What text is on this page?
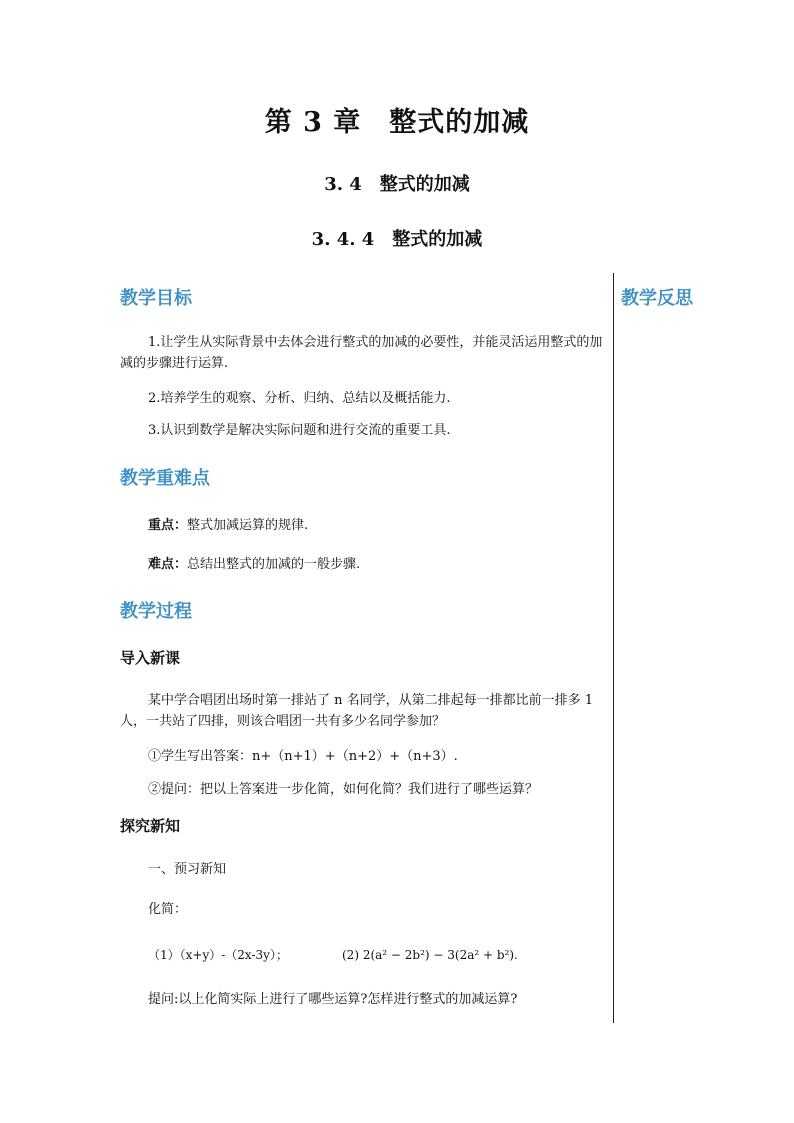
第 3 章　整式的加减
3. 4　整式的加减
3. 4. 4　整式的加减
教学反思
教学目标
1.让学生从实际背景中去体会进行整式的加减的必要性，并能灵活运用整式的加减的步骤进行运算.
2.培养学生的观察、分析、归纳、总结以及概括能力.
3.认识到数学是解决实际问题和进行交流的重要工具.
教学重难点
重点：整式加减运算的规律.
难点：总结出整式的加减的一般步骤.
教学过程
导入新课
某中学合唱团出场时第一排站了 n 名同学，从第二排起每一排都比前一排多 1 人，一共站了四排，则该合唱团一共有多少名同学参加？
①学生写出答案：n+（n+1）+（n+2）+（n+3）.
②提问：把以上答案进一步化简，如何化简？我们进行了哪些运算？
探究新知
一、预习新知
化简：
（1）（x+y）-（2x-3y）；	(2) 2(a² − 2b²) − 3(2a² + b²).
提问:以上化简实际上进行了哪些运算?怎样进行整式的加减运算?
